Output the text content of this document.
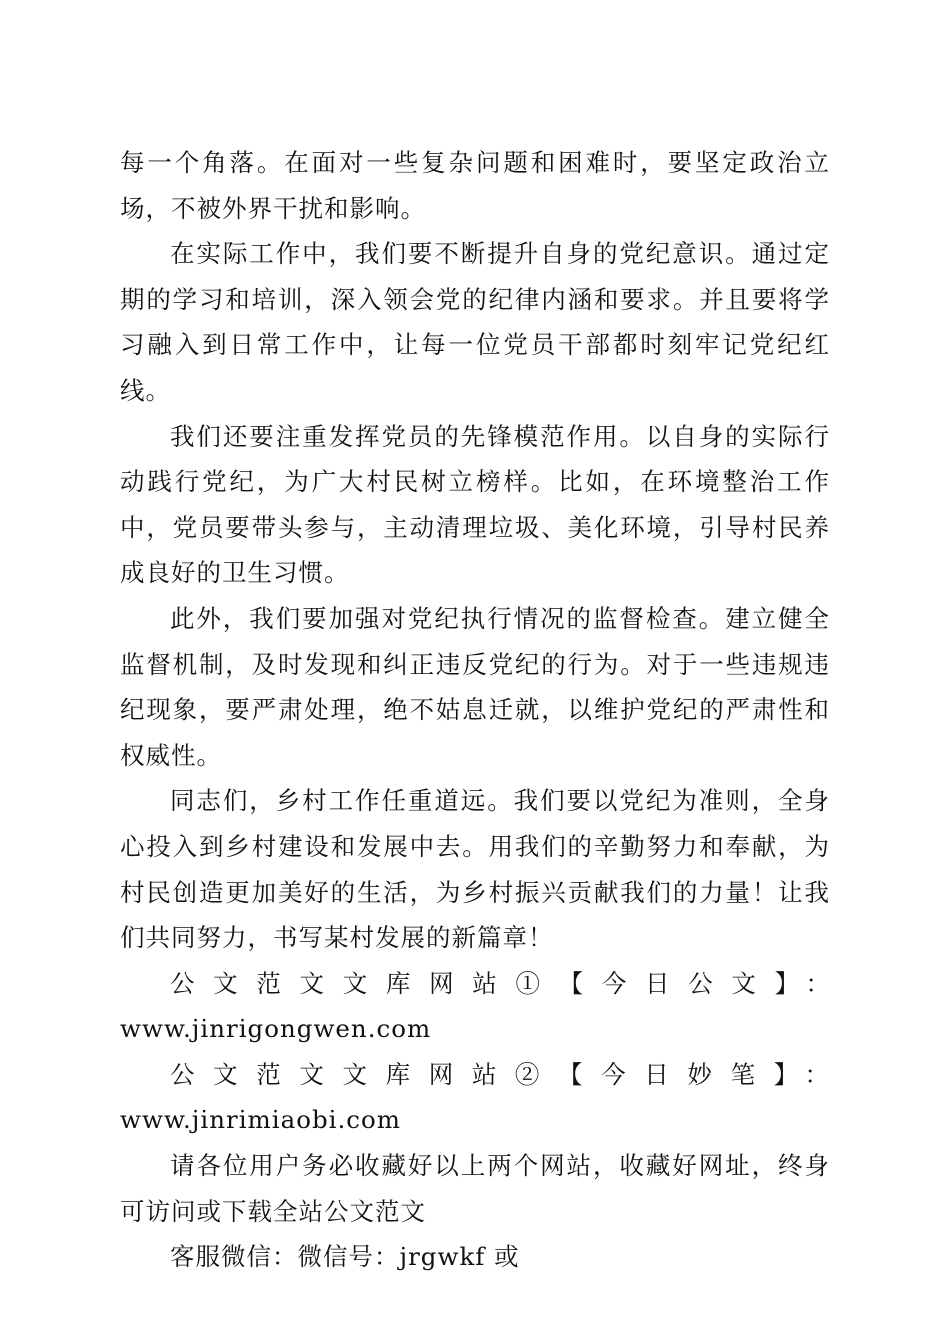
每一个角落。在面对一些复杂问题和困难时，要坚定政治立场，不被外界干扰和影响。

在实际工作中，我们要不断提升自身的党纪意识。通过定期的学习和培训，深入领会党的纪律内涵和要求。并且要将学习融入到日常工作中，让每一位党员干部都时刻牢记党纪红线。

我们还要注重发挥党员的先锋模范作用。以自身的实际行动践行党纪，为广大村民树立榜样。比如，在环境整治工作中，党员要带头参与，主动清理垃圾、美化环境，引导村民养成良好的卫生习惯。

此外，我们要加强对党纪执行情况的监督检查。建立健全监督机制，及时发现和纠正违反党纪的行为。对于一些违规违纪现象，要严肃处理，绝不姑息迁就，以维护党纪的严肃性和权威性。

同志们，乡村工作任重道远。我们要以党纪为准则，全身心投入到乡村建设和发展中去。用我们的辛勤努力和奉献，为村民创造更加美好的生活，为乡村振兴贡献我们的力量！让我们共同努力，书写某村发展的新篇章！

公文范文文库网站①【今日公文】：

www.jinrigongwen.com

公文范文文库网站②【今日妙笔】：www.jinrimiaobi.com

请各位用户务必收藏好以上两个网站，收藏好网址，终身可访问或下载全站公文范文

客服微信：微信号：jrgwkf 或
